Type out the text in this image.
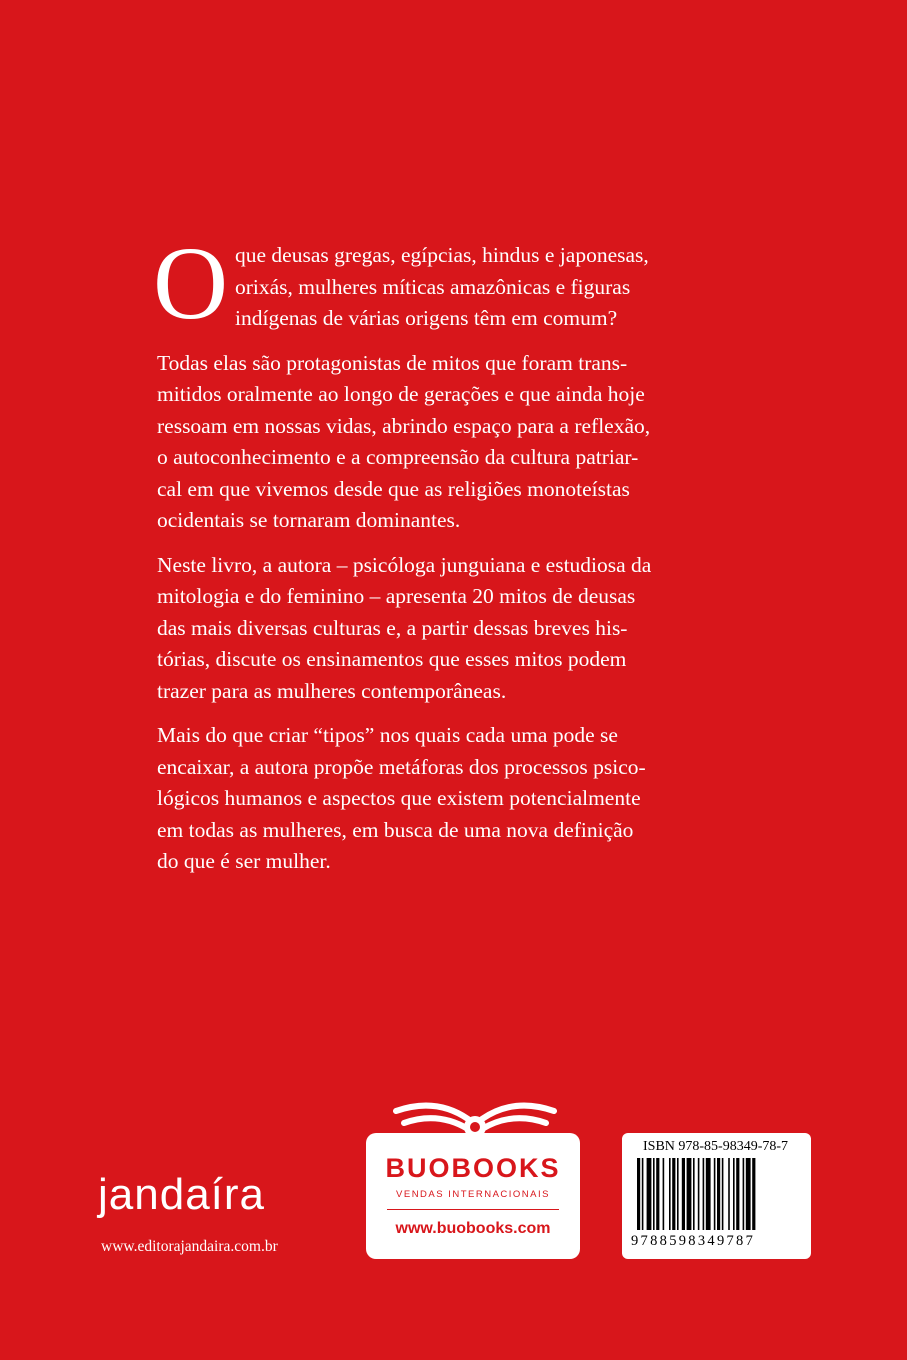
O que deusas gregas, egípcias, hindus e japonesas,
orixás, mulheres míticas amazônicas e figuras
indígenas de várias origens têm em comum?

Todas elas são protagonistas de mitos que foram trans-
mitidos oralmente ao longo de gerações e que ainda hoje
ressoam em nossas vidas, abrindo espaço para a reflexão,
o autoconhecimento e a compreensão da cultura patriar-
cal em que vivemos desde que as religiões monoteístas
ocidentais se tornaram dominantes.

Neste livro, a autora – psicóloga junguiana e estudiosa da
mitologia e do feminino – apresenta 20 mitos de deusas
das mais diversas culturas e, a partir dessas breves his-
tórias, discute os ensinamentos que esses mitos podem
trazer para as mulheres contemporâneas.

Mais do que criar “tipos” nos quais cada uma pode se
encaixar, a autora propõe metáforas dos processos psico-
lógicos humanos e aspectos que existem potencialmente
em todas as mulheres, em busca de uma nova definição
do que é ser mulher.

jandaíra
www.editorajandaira.com.br
BUOBOOKS
VENDAS INTERNACIONAIS
www.buobooks.com
ISBN 978-85-98349-78-7
9788598349787
